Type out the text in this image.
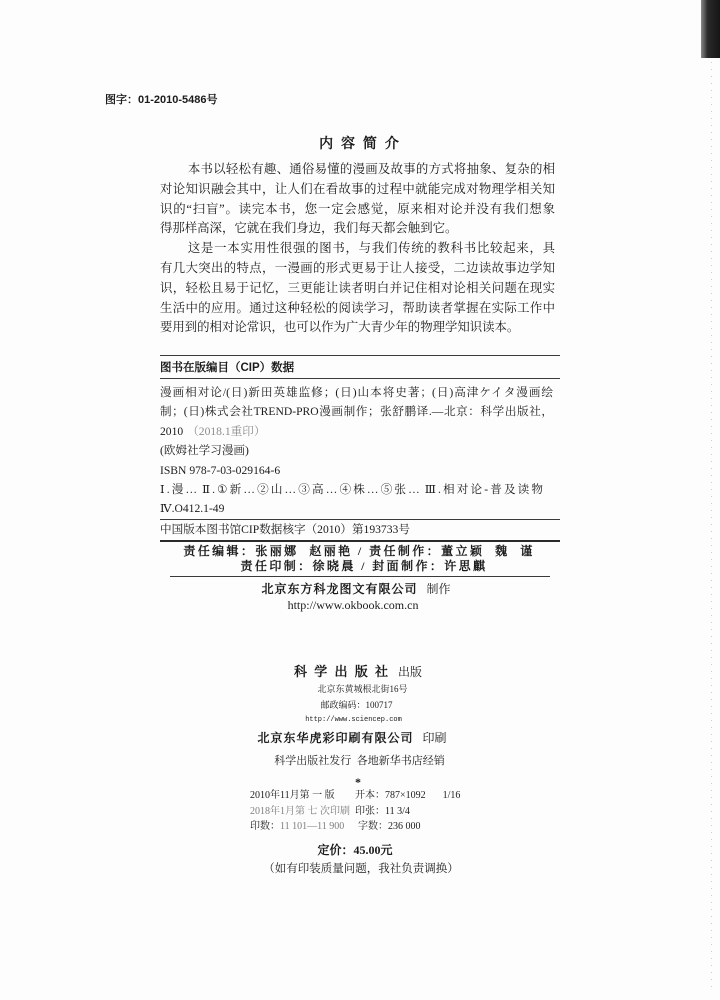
图字：01-2010-5486号
内 容 简 介
本书以轻松有趣、通俗易懂的漫画及故事的方式将抽象、复杂的相
对论知识融会其中，让人们在看故事的过程中就能完成对物理学相关知
识的“扫盲”。读完本书，您一定会感觉，原来相对论并没有我们想象
得那样高深，它就在我们身边，我们每天都会触到它。
这是一本实用性很强的图书，与我们传统的教科书比较起来，具
有几大突出的特点，一漫画的形式更易于让人接受，二边读故事边学知
识，轻松且易于记忆，三更能让读者明白并记住相对论相关问题在现实
生活中的应用。通过这种轻松的阅读学习，帮助读者掌握在实际工作中
要用到的相对论常识，也可以作为广大青少年的物理学知识读本。
图书在版编目（CIP）数据
漫画相对论/(日)新田英雄监修；(日)山本将史著；(日)高津ケイタ漫画绘
制；(日)株式会社TREND-PRO漫画制作；张舒鹏译.—北京：科学出版社，
2010 （2018.1重印）
(欧姆社学习漫画)
ISBN 978-7-03-029164-6
Ⅰ.漫… Ⅱ.①新…②山…③高…④株…⑤张… Ⅲ.相对论-普及读物
Ⅳ.O412.1-49
中国版本图书馆CIP数据核字（2010）第193733号
责任编辑：张丽娜  赵丽艳 / 责任制作：董立颖  魏  谨
责任印制：徐晓晨 / 封面制作：许思麒
北京东方科龙图文有限公司 制作
http://www.okbook.com.cn
科 学 出 版 社 出版
北京东黄城根北街16号
邮政编码：100717
http://www.sciencep.com
北京东华虎彩印刷有限公司 印刷
科学出版社发行  各地新华书店经销
*
2010年11月第 一 版 开本：787×1092  1/16
2018年1月第 七 次印刷 印张：11 3/4
印数：11 101—11 900 字数：236 000
定价：45.00元
（如有印装质量问题，我社负责调换）
